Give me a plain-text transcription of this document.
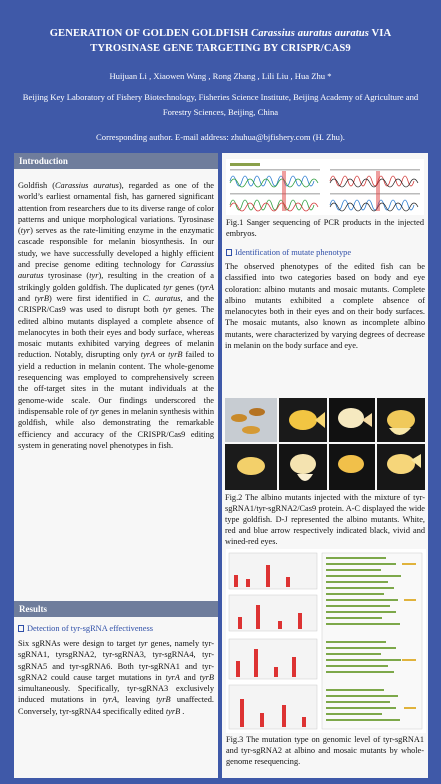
GENERATION OF GOLDEN GOLDFISH Carassius auratus auratus VIA
TYROSINASE GENE TARGETING BY CRISPR/CAS9
Huijuan Li , Xiaowen Wang , Rong Zhang , Lili Liu , Hua Zhu *
Beijing Key Laboratory of Fishery Biotechnology, Fisheries Science Institute, Beijing Academy of Agriculture and Forestry Sciences, Beijing, China
Corresponding author. E-mail address: zhuhua@bjfishery.com (H. Zhu).
Introduction
Goldfish (Carassius auratus), regarded as one of the world’s earliest ornamental fish, has garnered significant attention from researchers due to its diverse range of color patterns and unique morphological variations. Tyrosinase (tyr) serves as the rate-limiting enzyme in the enzymatic cascade responsible for melanin biosynthesis. In our study, we have successfully developed a highly efficient and precise genome editing technology for Carassius auratus tyrosinase (tyr), resulting in the creation of a strikingly golden goldfish. The duplicated tyr genes (tyrA and tyrB) were first identified in C. auratus, and the CRISPR/Cas9 was used to disrupt both tyr genes. The edited albino mutants displayed a complete absence of melanocytes in both their eyes and body surface, whereas mosaic mutants exhibited varying degrees of melanin reduction. Notably, disrupting only tyrA or tyrB failed to yield a reduction in melanin content. The whole-genome resequencing was employed to comprehensively screen the off-target sites in the mutant individuals at the genome-wide scale. Our findings underscored the indispensable role of tyr genes in melanin synthesis within goldfish, while also demonstrating the remarkable efficiency and accuracy of the CRISPR/Cas9 editing system in generating novel phenotypes in fish.
Results
Detection of tyr-sgRNA effectiveness
Six sgRNAs were design to target tyr genes, namely tyr-sgRNA1, tyrsgRNA2, tyr-sgRNA3, tyr-sgRNA4, tyr-sgRNA5 and tyr-sgRNA6. Both tyr-sgRNA1 and tyr-sgRNA2 could cause target mutations in tyrA and tyrB simultaneously. Specifically, tyr-sgRNA3 exclusively induced mutations in tyrA, leaving tyrB unaffected. Conversely, tyr-sgRNA4 specifically edited tyrB .
Fig.1 Sanger sequencing of PCR products in the injected embryos.
Identification of mutate phenotype
The observed phenotypes of the edited fish can be classified into two categories based on body and eye coloration: albino mutants and mosaic mutants. Complete albino mutants exhibited a complete absence of melanocytes both in their eyes and on their body surfaces. The mosaic mutants, also known as incomplete albino mutants, were characterized by varying degrees of decrease in melanin on the body surface and eye.
Fig.2 The albino mutants injected with the mixture of tyr-sgRNA1/tyr-sgRNA2/Cas9 protein. A-C displayed the wide type goldfish. D-J represented the albino mutants. White, red and blue arrow respectively indicated black, vivid and wined-red eyes.
Fig.3 The mutation type on genomic level of tyr-sgRNA1 and tyr-sgRNA2 at albino and mosaic mutants by whole-genome resequencing.
